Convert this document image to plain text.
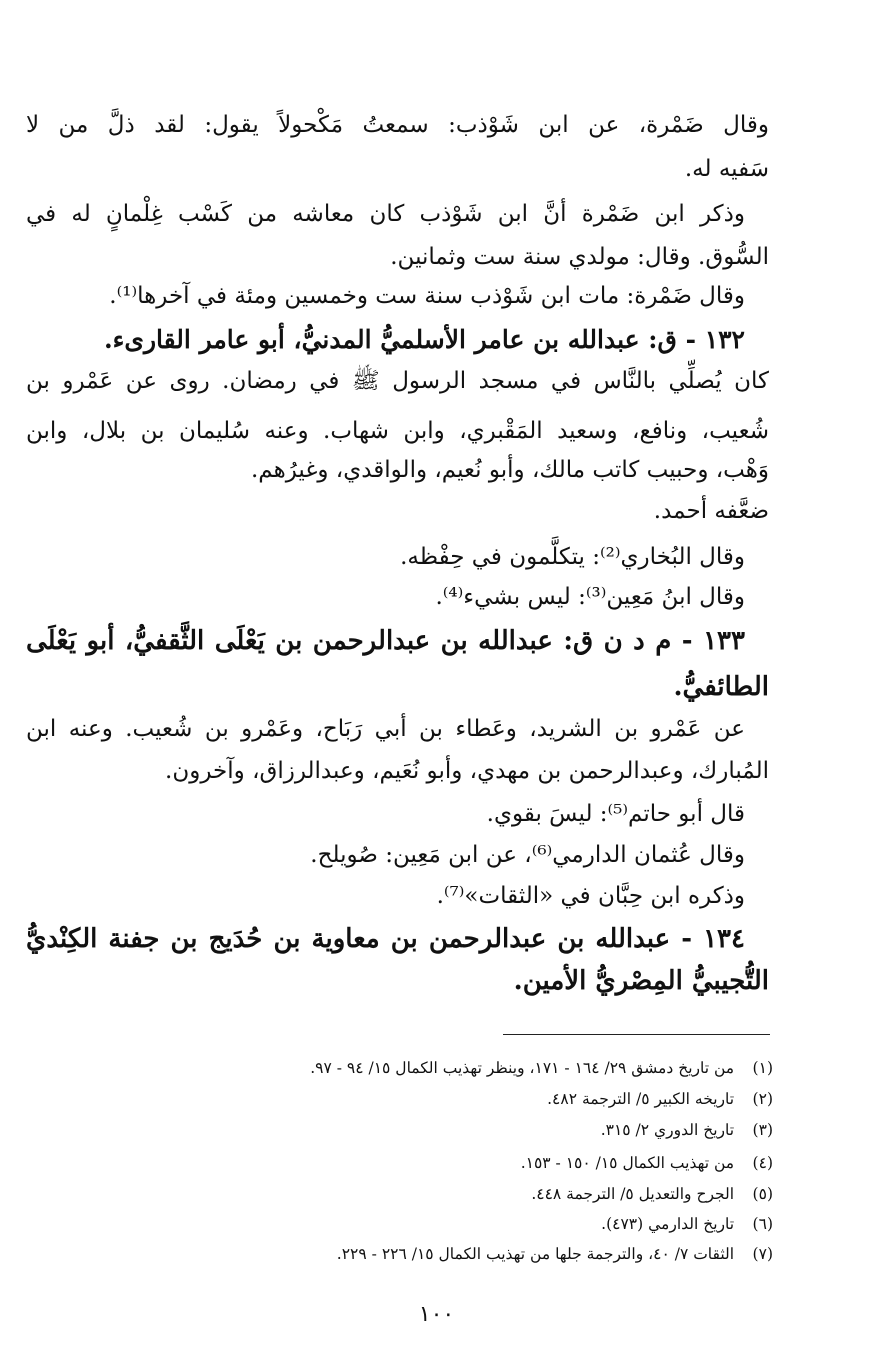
وقال ضَمْرة، عن ابن شَوْذب: سمعتُ مَكْحولاً يقول: لقد ذلَّ من لا
سَفيه له.
وذكر ابن ضَمْرة أنَّ ابن شَوْذب كان معاشه من كَسْب غِلْمانٍ له في
السُّوق. وقال: مولدي سنة ست وثمانين.
وقال ضَمْرة: مات ابن شَوْذب سنة ست وخمسين ومئة في آخرها⁽¹⁾.
١٣٢ - ق: عبدالله بن عامر الأسلميُّ المدنيُّ، أبو عامر القارىء.
كان يُصلِّي بالنَّاس في مسجد الرسول ﷺ في رمضان. روى عن عَمْرو بن
شُعيب، ونافع، وسعيد المَقْبري، وابن شهاب. وعنه سُليمان بن بلال، وابن
وَهْب، وحبيب كاتب مالك، وأبو نُعيم، والواقدي، وغيرُهم.
ضعَّفه أحمد.
وقال البُخاري⁽²⁾: يتكلَّمون في حِفْظه.
وقال ابنُ مَعِين⁽³⁾: ليس بشيء⁽⁴⁾.
١٣٣ - م د ن ق: عبدالله بن عبدالرحمن بن يَعْلَى الثَّقفيُّ، أبو يَعْلَى
الطائفيُّ.
عن عَمْرو بن الشريد، وعَطاء بن أبي رَبَاح، وعَمْرو بن شُعيب. وعنه ابن
المُبارك، وعبدالرحمن بن مهدي، وأبو نُعَيم، وعبدالرزاق، وآخرون.
قال أبو حاتم⁽⁵⁾: ليسَ بقوي.
وقال عُثمان الدارمي⁽⁶⁾، عن ابن مَعِين: صُويلح.
وذكره ابن حِبَّان في «الثقات»⁽⁷⁾.
١٣٤ - عبدالله بن عبدالرحمن بن معاوية بن حُدَيج بن جفنة الكِنْديُّ
التُّجيبيُّ المِصْريُّ الأمين.
(١) من تاريخ دمشق ٢٩/ ١٦٤ - ١٧١، وينظر تهذيب الكمال ١٥/ ٩٤ - ٩٧.
(٢) تاريخه الكبير ٥/ الترجمة ٤٨٢.
(٣) تاريخ الدوري ٢/ ٣١٥.
(٤) من تهذيب الكمال ١٥/ ١٥٠ - ١٥٣.
(٥) الجرح والتعديل ٥/ الترجمة ٤٤٨.
(٦) تاريخ الدارمي (٤٧٣).
(٧) الثقات ٧/ ٤٠، والترجمة جلها من تهذيب الكمال ١٥/ ٢٢٦ - ٢٢٩.
١٠٠
